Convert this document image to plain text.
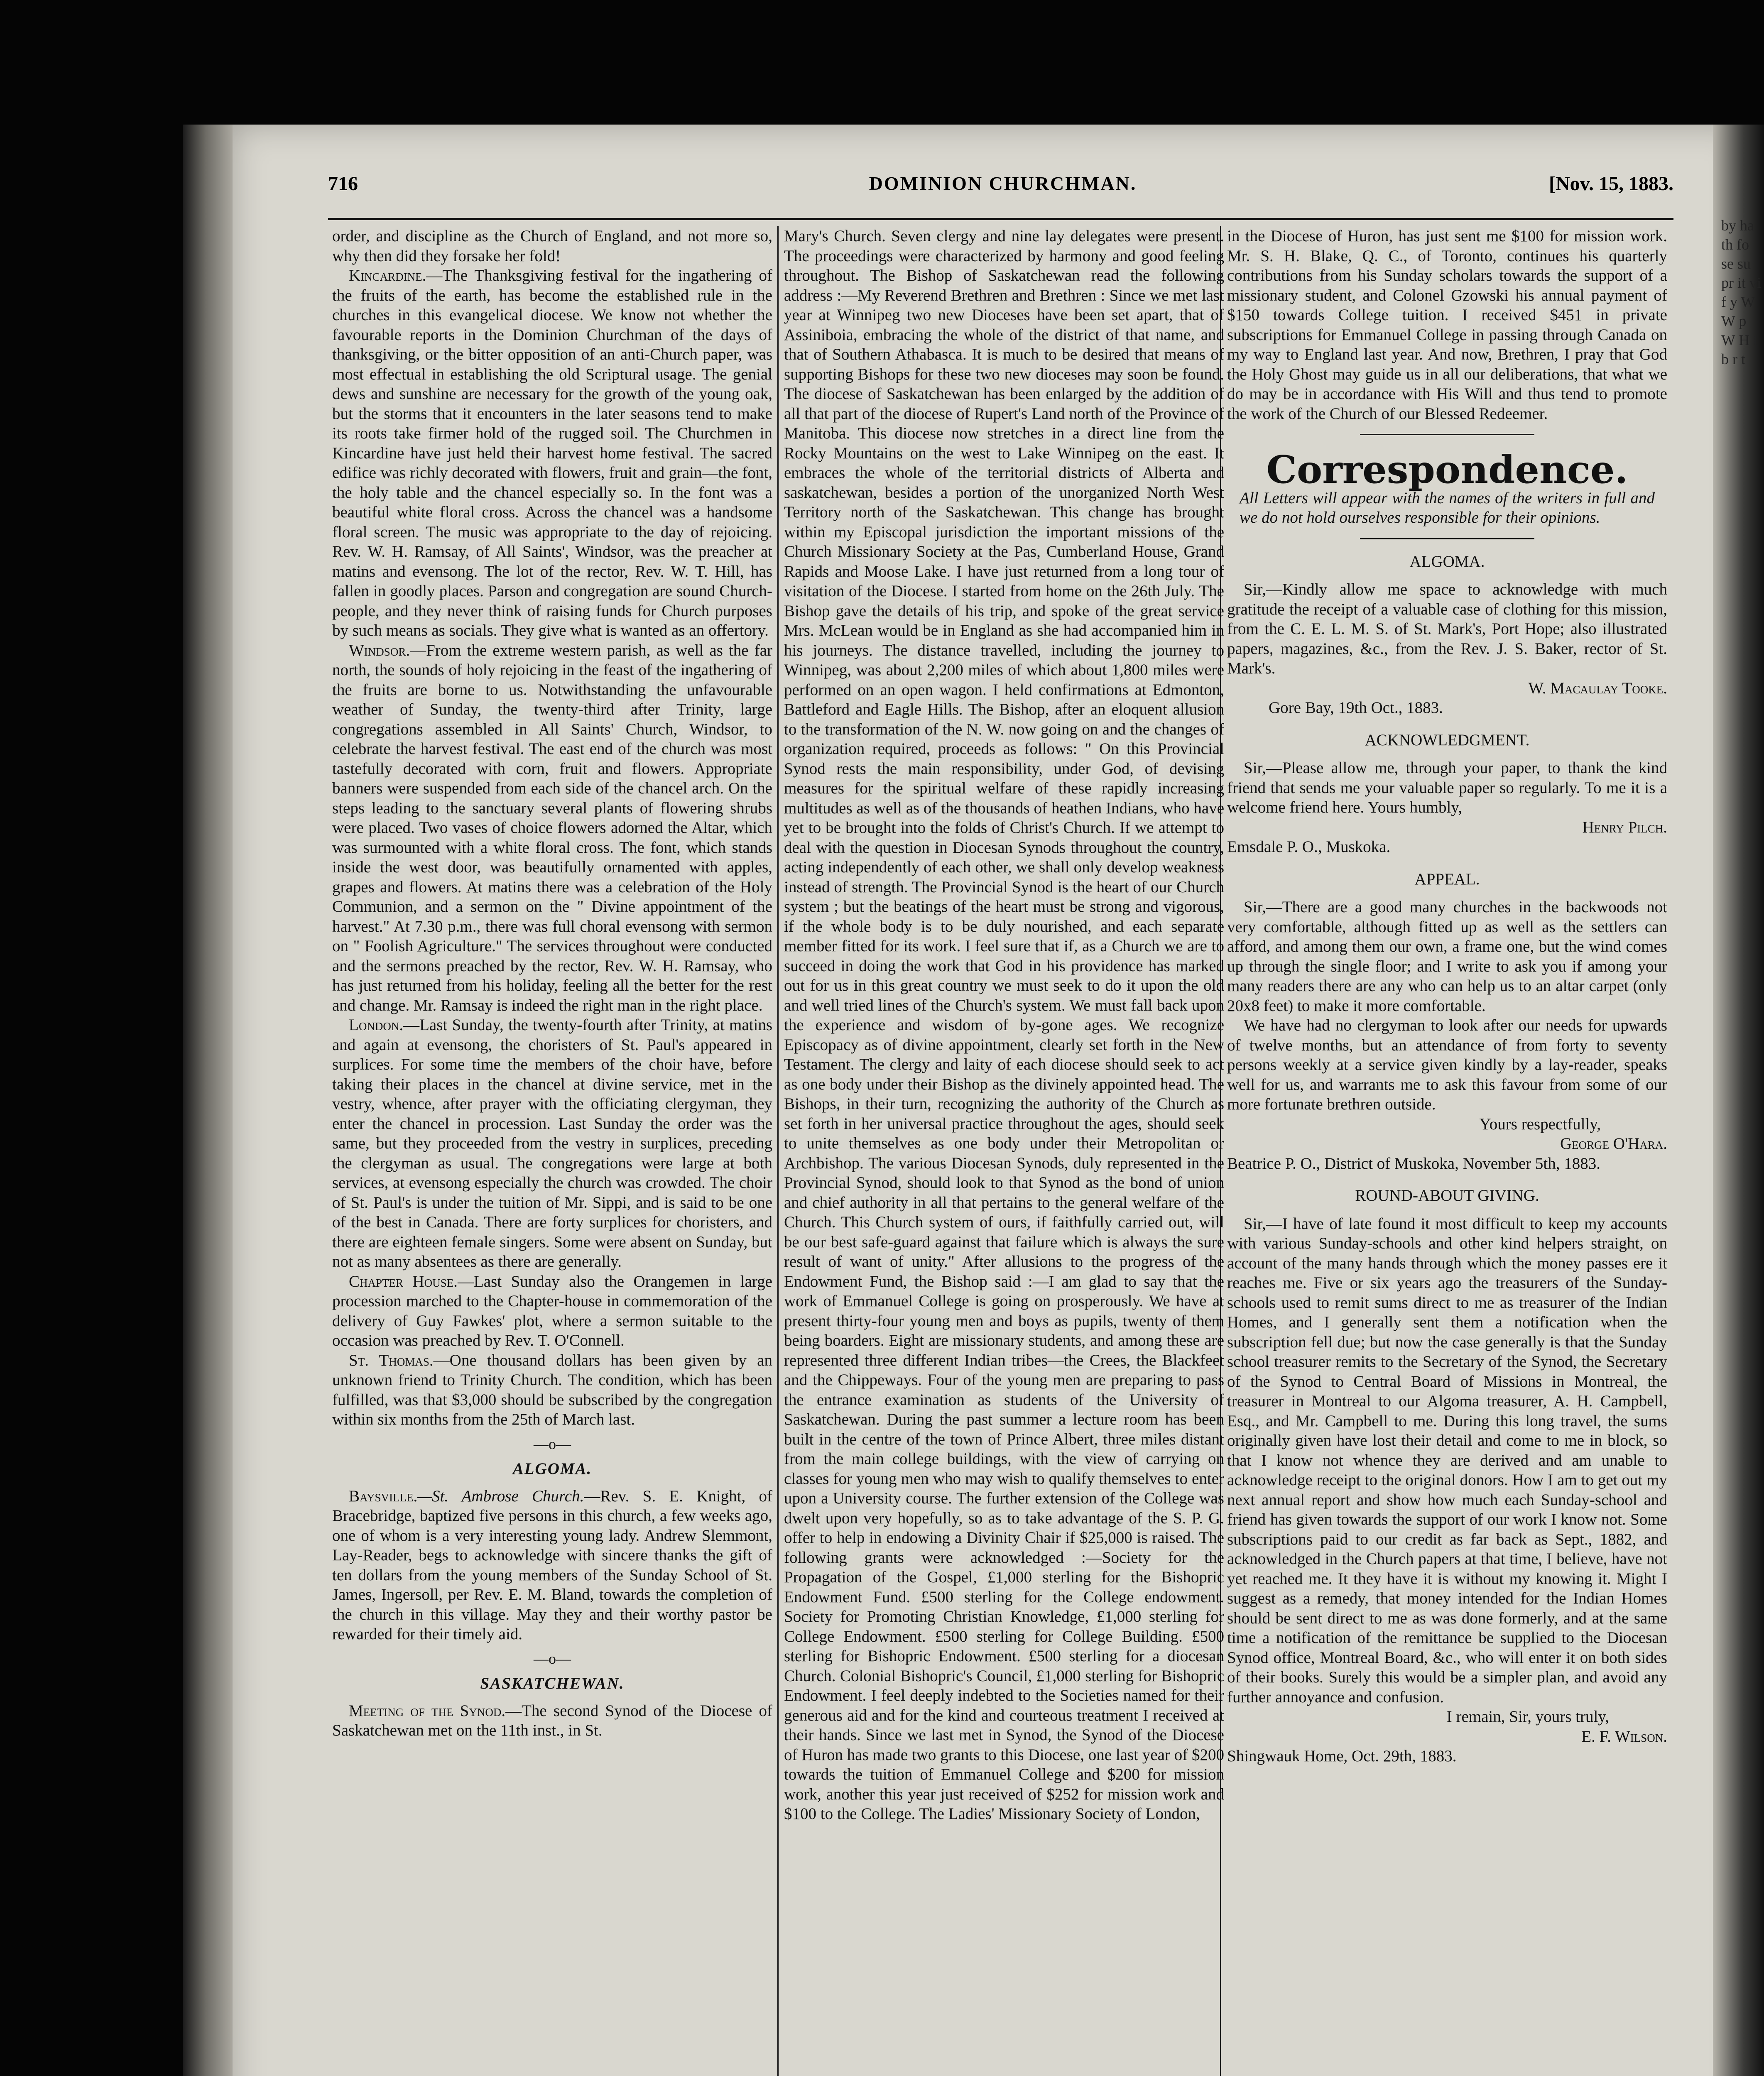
by ha th fo se su pr it vi f y W W p W H l b r t
716	DOMINION CHURCHMAN.	[Nov. 15, 1883.

order, and discipline as the Church of England, and not more so, why then did they forsake her fold!

Kincardine.—The Thanksgiving festival for the ingathering of the fruits of the earth, has become the established rule in the churches in this evangelical diocese. We know not whether the favourable reports in the Dominion Churchman of the days of thanksgiving, or the bitter opposition of an anti-Church paper, was most effectual in establishing the old Scriptural usage. The genial dews and sunshine are necessary for the growth of the young oak, but the storms that it encounters in the later seasons tend to make its roots take firmer hold of the rugged soil. The Churchmen in Kincardine have just held their harvest home festival. The sacred edifice was richly decorated with flowers, fruit and grain—the font, the holy table and the chancel especially so. In the font was a beautiful white floral cross. Across the chancel was a handsome floral screen. The music was appropriate to the day of rejoicing. Rev. W. H. Ramsay, of All Saints', Windsor, was the preacher at matins and evensong. The lot of the rector, Rev. W. T. Hill, has fallen in goodly places. Parson and congregation are sound Church-people, and they never think of raising funds for Church purposes by such means as socials. They give what is wanted as an offertory.

Windsor.—From the extreme western parish, as well as the far north, the sounds of holy rejoicing in the feast of the ingathering of the fruits are borne to us. Notwithstanding the unfavourable weather of Sunday, the twenty-third after Trinity, large congregations assembled in All Saints' Church, Windsor, to celebrate the harvest festival. The east end of the church was most tastefully decorated with corn, fruit and flowers. Appropriate banners were suspended from each side of the chancel arch. On the steps leading to the sanctuary several plants of flowering shrubs were placed. Two vases of choice flowers adorned the Altar, which was surmounted with a white floral cross. The font, which stands inside the west door, was beautifully ornamented with apples, grapes and flowers. At matins there was a celebration of the Holy Communion, and a sermon on the " Divine appointment of the harvest." At 7.30 p.m., there was full choral evensong with sermon on " Foolish Agriculture." The services throughout were conducted and the sermons preached by the rector, Rev. W. H. Ramsay, who has just returned from his holiday, feeling all the better for the rest and change. Mr. Ramsay is indeed the right man in the right place.

London.—Last Sunday, the twenty-fourth after Trinity, at matins and again at evensong, the choristers of St. Paul's appeared in surplices. For some time the members of the choir have, before taking their places in the chancel at divine service, met in the vestry, whence, after prayer with the officiating clergyman, they enter the chancel in procession. Last Sunday the order was the same, but they proceeded from the vestry in surplices, preceding the clergyman as usual. The congregations were large at both services, at evensong especially the church was crowded. The choir of St. Paul's is under the tuition of Mr. Sippi, and is said to be one of the best in Canada. There are forty surplices for choristers, and there are eighteen female singers. Some were absent on Sunday, but not as many absentees as there are generally.

Chapter House.—Last Sunday also the Orangemen in large procession marched to the Chapter-house in commemoration of the delivery of Guy Fawkes' plot, where a sermon suitable to the occasion was preached by Rev. T. O'Connell.

St. Thomas.—One thousand dollars has been given by an unknown friend to Trinity Church. The condition, which has been fulfilled, was that $3,000 should be subscribed by the congregation within six months from the 25th of March last.

—o—

ALGOMA.

Baysville.—St. Ambrose Church.—Rev. S. E. Knight, of Bracebridge, baptized five persons in this church, a few weeks ago, one of whom is a very interesting young lady. Andrew Slemmont, Lay-Reader, begs to acknowledge with sincere thanks the gift of ten dollars from the young members of the Sunday School of St. James, Ingersoll, per Rev. E. M. Bland, towards the completion of the church in this village. May they and their worthy pastor be rewarded for their timely aid.

—o—

SASKATCHEWAN.

Meeting of the Synod.—The second Synod of the Diocese of Saskatchewan met on the 11th inst., in St.

Mary's Church. Seven clergy and nine lay delegates were present. The proceedings were characterized by harmony and good feeling throughout. The Bishop of Saskatchewan read the following address :—My Reverend Brethren and Brethren : Since we met last year at Winnipeg two new Dioceses have been set apart, that of Assiniboia, embracing the whole of the district of that name, and that of Southern Athabasca. It is much to be desired that means of supporting Bishops for these two new dioceses may soon be found. The diocese of Saskatchewan has been enlarged by the addition of all that part of the diocese of Rupert's Land north of the Province of Manitoba. This diocese now stretches in a direct line from the Rocky Mountains on the west to Lake Winnipeg on the east. It embraces the whole of the territorial districts of Alberta and saskatchewan, besides a portion of the unorganized North West Territory north of the Saskatchewan. This change has brought within my Episcopal jurisdiction the important missions of the Church Missionary Society at the Pas, Cumberland House, Grand Rapids and Moose Lake. I have just returned from a long tour of visitation of the Diocese. I started from home on the 26th July. The Bishop gave the details of his trip, and spoke of the great service Mrs. McLean would be in England as she had accompanied him in his journeys. The distance travelled, including the journey to Winnipeg, was about 2,200 miles of which about 1,800 miles were performed on an open wagon. I held confirmations at Edmonton, Battleford and Eagle Hills. The Bishop, after an eloquent allusion to the transformation of the N. W. now going on and the changes of organization required, proceeds as follows: " On this Provincial Synod rests the main responsibility, under God, of devising measures for the spiritual welfare of these rapidly increasing multitudes as well as of the thousands of heathen Indians, who have yet to be brought into the folds of Christ's Church. If we attempt to deal with the question in Diocesan Synods throughout the country, acting independently of each other, we shall only develop weakness instead of strength. The Provincial Synod is the heart of our Church system ; but the beatings of the heart must be strong and vigorous, if the whole body is to be duly nourished, and each separate member fitted for its work. I feel sure that if, as a Church we are to succeed in doing the work that God in his providence has marked out for us in this great country we must seek to do it upon the old and well tried lines of the Church's system. We must fall back upon the experience and wisdom of by-gone ages. We recognize Episcopacy as of divine appointment, clearly set forth in the New Testament. The clergy and laity of each diocese should seek to act as one body under their Bishop as the divinely appointed head. The Bishops, in their turn, recognizing the authority of the Church as set forth in her universal practice throughout the ages, should seek to unite themselves as one body under their Metropolitan or Archbishop. The various Diocesan Synods, duly represented in the Provincial Synod, should look to that Synod as the bond of union and chief authority in all that pertains to the general welfare of the Church. This Church system of ours, if faithfully carried out, will be our best safe-guard against that failure which is always the sure result of want of unity." After allusions to the progress of the Endowment Fund, the Bishop said :—I am glad to say that the work of Emmanuel College is going on prosperously. We have at present thirty-four young men and boys as pupils, twenty of them being boarders. Eight are missionary students, and among these are represented three different Indian tribes—the Crees, the Blackfeet and the Chippeways. Four of the young men are preparing to pass the entrance examination as students of the University of Saskatchewan. During the past summer a lecture room has been built in the centre of the town of Prince Albert, three miles distant from the main college buildings, with the view of carrying on classes for young men who may wish to qualify themselves to enter upon a University course. The further extension of the College was dwelt upon very hopefully, so as to take advantage of the S. P. G. offer to help in endowing a Divinity Chair if $25,000 is raised. The following grants were acknowledged :—Society for the Propagation of the Gospel, £1,000 sterling for the Bishopric Endowment Fund. £500 sterling for the College endowment. Society for Promoting Christian Knowledge, £1,000 sterling for College Endowment. £500 sterling for College Building. £500 sterling for Bishopric Endowment. £500 sterling for a diocesan Church. Colonial Bishopric's Council, £1,000 sterling for Bishopric Endowment. I feel deeply indebted to the Societies named for their generous aid and for the kind and courteous treatment I received at their hands. Since we last met in Synod, the Synod of the Diocese of Huron has made two grants to this Diocese, one last year of $200 towards the tuition of Emmanuel College and $200 for mission work, another this year just received of $252 for mission work and $100 to the College. The Ladies' Missionary Society of London,

in the Diocese of Huron, has just sent me $100 for mission work. Mr. S. H. Blake, Q. C., of Toronto, continues his quarterly contributions from his Sunday scholars towards the support of a missionary student, and Colonel Gzowski his annual payment of $150 towards College tuition. I received $451 in private subscriptions for Emmanuel College in passing through Canada on my way to England last year. And now, Brethren, I pray that God the Holy Ghost may guide us in all our deliberations, that what we do may be in accordance with His Will and thus tend to promote the work of the Church of our Blessed Redeemer.

Correspondence.

All Letters will appear with the names of the writers in full and we do not hold ourselves responsible for their opinions.

ALGOMA.

Sir,—Kindly allow me space to acknowledge with much gratitude the receipt of a valuable case of clothing for this mission, from the C. E. L. M. S. of St. Mark's, Port Hope; also illustrated papers, magazines, &c., from the Rev. J. S. Baker, rector of St. Mark's.

W. Macaulay Tooke.

Gore Bay, 19th Oct., 1883.

ACKNOWLEDGMENT.

Sir,—Please allow me, through your paper, to thank the kind friend that sends me your valuable paper so regularly. To me it is a welcome friend here. Yours humbly,

Henry Pilch.

Emsdale P. O., Muskoka.

APPEAL.

Sir,—There are a good many churches in the backwoods not very comfortable, although fitted up as well as the settlers can afford, and among them our own, a frame one, but the wind comes up through the single floor; and I write to ask you if among your many readers there are any who can help us to an altar carpet (only 20x8 feet) to make it more comfortable.

We have had no clergyman to look after our needs for upwards of twelve months, but an attendance of from forty to seventy persons weekly at a service given kindly by a lay-reader, speaks well for us, and warrants me to ask this favour from some of our more fortunate brethren outside.

Yours respectfully,

George O'Hara.

Beatrice P. O., District of Muskoka, November 5th, 1883.

ROUND-ABOUT GIVING.

Sir,—I have of late found it most difficult to keep my accounts with various Sunday-schools and other kind helpers straight, on account of the many hands through which the money passes ere it reaches me. Five or six years ago the treasurers of the Sunday-schools used to remit sums direct to me as treasurer of the Indian Homes, and I generally sent them a notification when the subscription fell due; but now the case generally is that the Sunday school treasurer remits to the Secretary of the Synod, the Secretary of the Synod to Central Board of Missions in Montreal, the treasurer in Montreal to our Algoma treasurer, A. H. Campbell, Esq., and Mr. Campbell to me. During this long travel, the sums originally given have lost their detail and come to me in block, so that I know not whence they are derived and am unable to acknowledge receipt to the original donors. How I am to get out my next annual report and show how much each Sunday-school and friend has given towards the support of our work I know not. Some subscriptions paid to our credit as far back as Sept., 1882, and acknowledged in the Church papers at that time, I believe, have not yet reached me. It they have it is without my knowing it. Might I suggest as a remedy, that money intended for the Indian Homes should be sent direct to me as was done formerly, and at the same time a notification of the remittance be supplied to the Diocesan Synod office, Montreal Board, &c., who will enter it on both sides of their books. Surely this would be a simpler plan, and avoid any further annoyance and confusion.

I remain, Sir, yours truly,

E. F. Wilson.

Shingwauk Home, Oct. 29th, 1883.
